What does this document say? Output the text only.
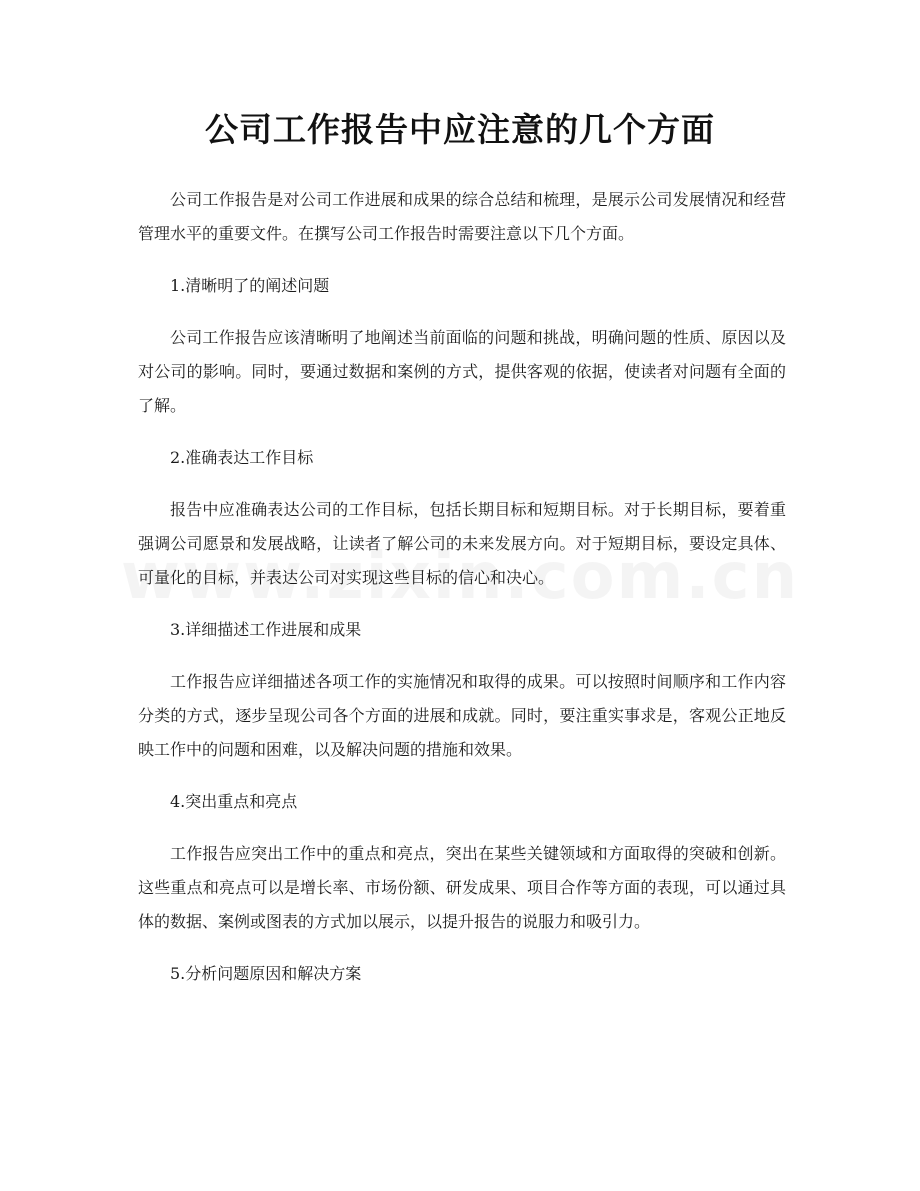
公司工作报告中应注意的几个方面

公司工作报告是对公司工作进展和成果的综合总结和梳理，是展示公司发展情况和经营管理水平的重要文件。在撰写公司工作报告时需要注意以下几个方面。

1.清晰明了的阐述问题

公司工作报告应该清晰明了地阐述当前面临的问题和挑战，明确问题的性质、原因以及对公司的影响。同时，要通过数据和案例的方式，提供客观的依据，使读者对问题有全面的了解。

2.准确表达工作目标

报告中应准确表达公司的工作目标，包括长期目标和短期目标。对于长期目标，要着重强调公司愿景和发展战略，让读者了解公司的未来发展方向。对于短期目标，要设定具体、可量化的目标，并表达公司对实现这些目标的信心和决心。

3.详细描述工作进展和成果

工作报告应详细描述各项工作的实施情况和取得的成果。可以按照时间顺序和工作内容分类的方式，逐步呈现公司各个方面的进展和成就。同时，要注重实事求是，客观公正地反映工作中的问题和困难，以及解决问题的措施和效果。

4.突出重点和亮点

工作报告应突出工作中的重点和亮点，突出在某些关键领域和方面取得的突破和创新。这些重点和亮点可以是增长率、市场份额、研发成果、项目合作等方面的表现，可以通过具体的数据、案例或图表的方式加以展示，以提升报告的说服力和吸引力。

5.分析问题原因和解决方案
